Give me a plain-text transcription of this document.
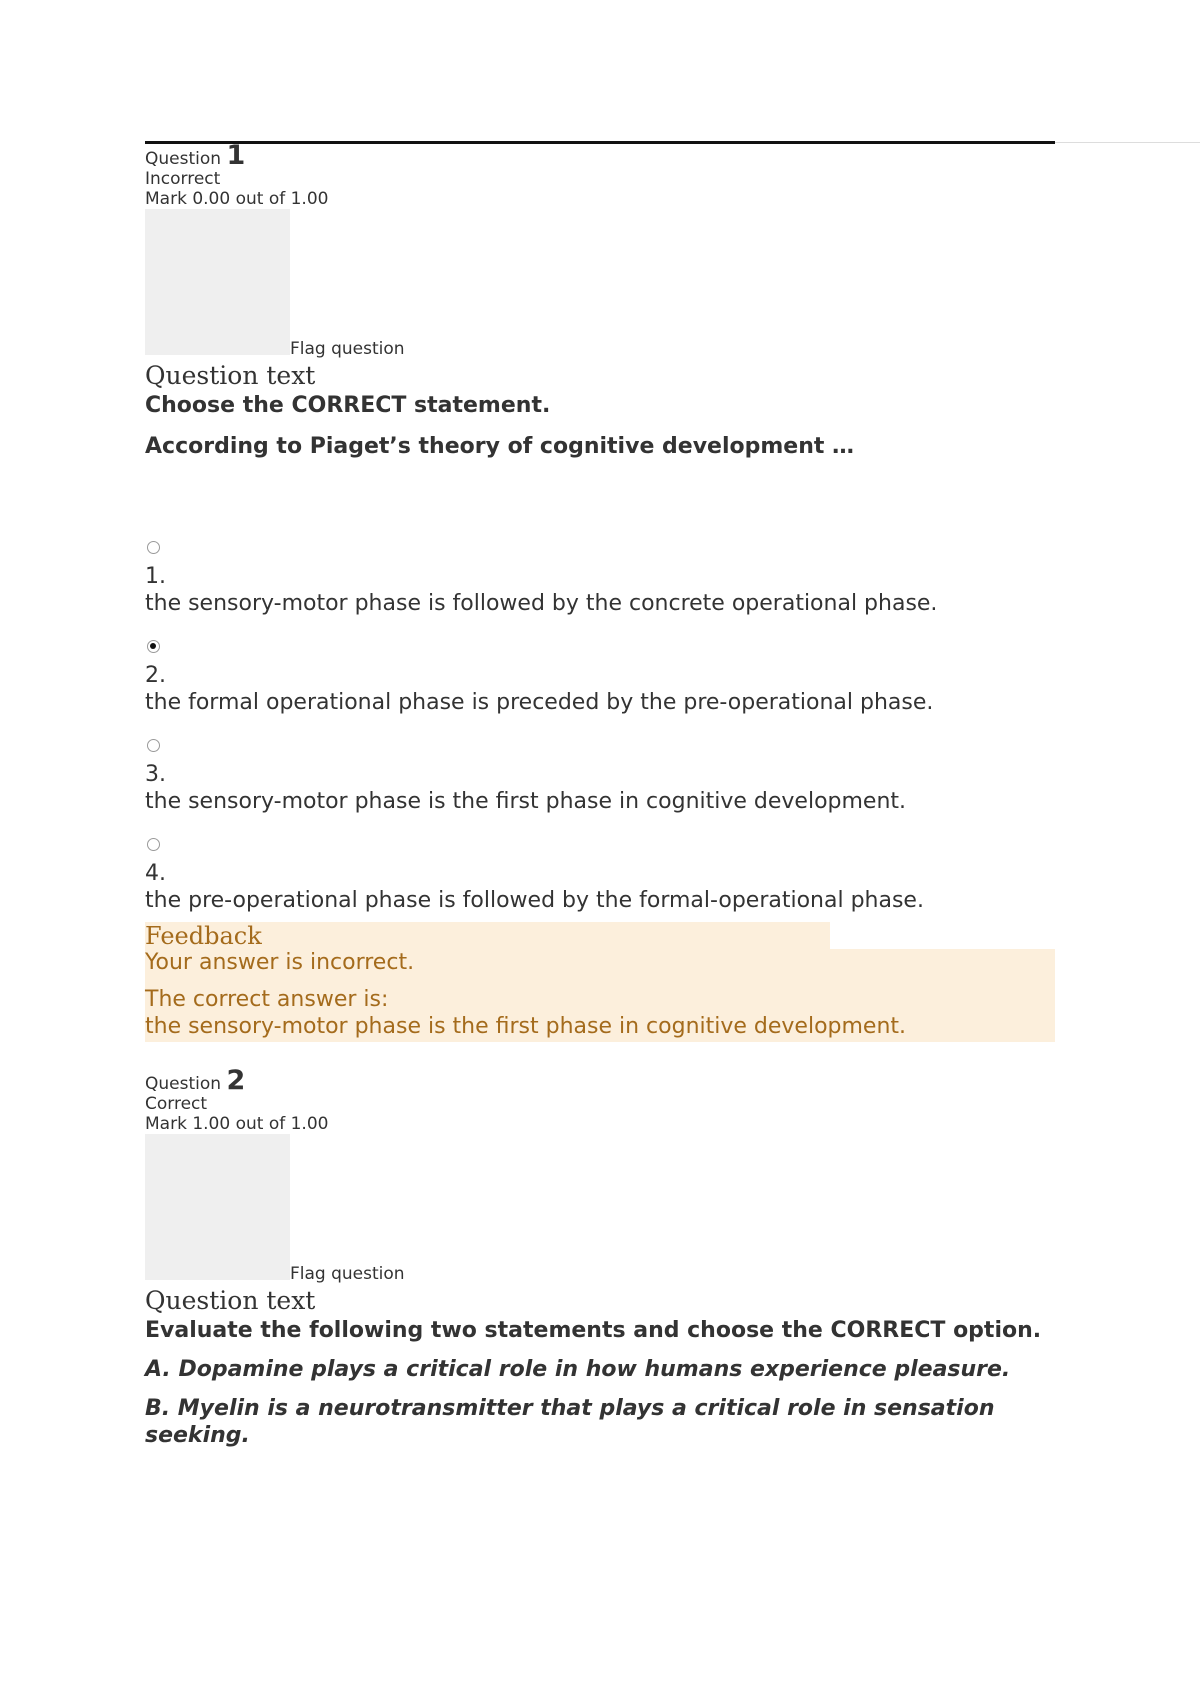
Question 1
Incorrect
Mark 0.00 out of 1.00
Flag question
Question text
Choose the CORRECT statement.
According to Piaget’s theory of cognitive development …
1.
the sensory-motor phase is followed by the concrete operational phase.
2.
the formal operational phase is preceded by the pre-operational phase.
3.
the sensory-motor phase is the first phase in cognitive development.
4.
the pre-operational phase is followed by the formal-operational phase.
Feedback

Your answer is incorrect.

The correct answer is:

the sensory-motor phase is the first phase in cognitive development.

Question 2
Correct
Mark 1.00 out of 1.00
Flag question
Question text
Evaluate the following two statements and choose the CORRECT option.
A. Dopamine plays a critical role in how humans experience pleasure.
B. Myelin is a neurotransmitter that plays a critical role in sensation seeking.
